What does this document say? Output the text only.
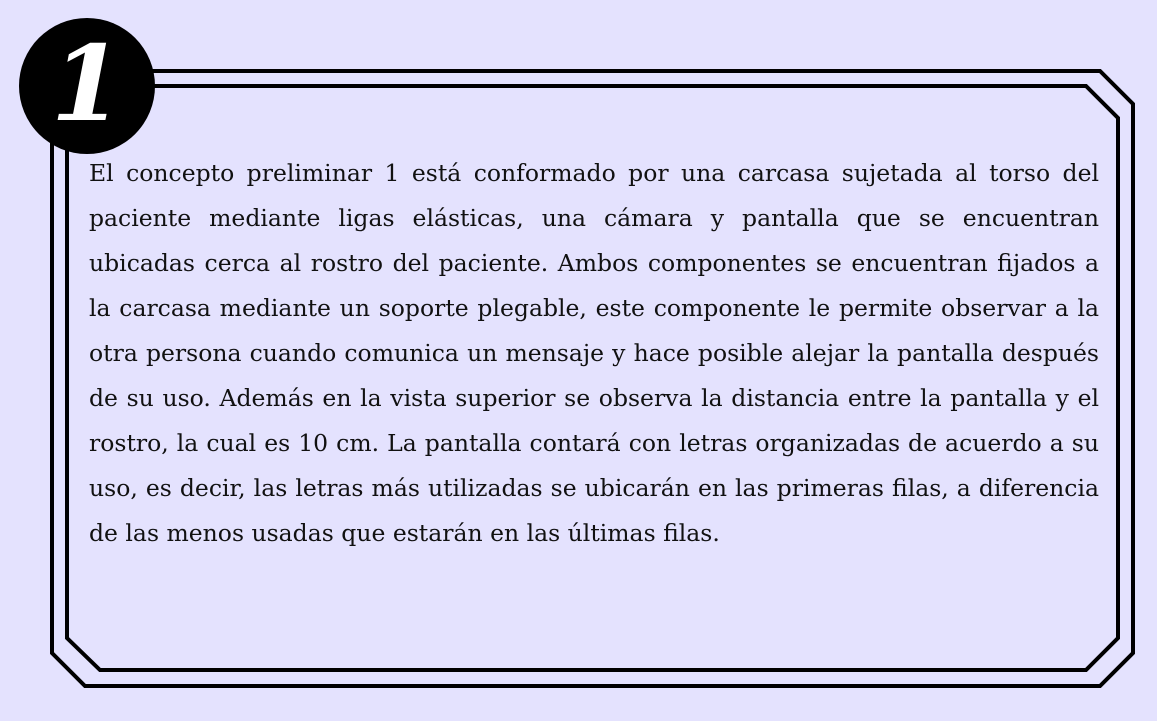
1

El concepto preliminar 1 está conformado por una carcasa sujetada al torso del paciente mediante ligas elásticas, una cámara y pantalla que se encuentran ubicadas cerca al rostro del paciente. Ambos componentes se encuentran fijados a la carcasa mediante un soporte plegable, este componente le permite observar a la otra persona cuando comunica un mensaje y hace posible alejar la pantalla después de su uso. Además en la vista superior se observa la distancia entre la pantalla y el rostro, la cual es 10 cm. La pantalla contará con letras organizadas de acuerdo a su uso, es decir, las letras más utilizadas se ubicarán en las primeras filas, a diferencia de las menos usadas que estarán en las últimas filas.
